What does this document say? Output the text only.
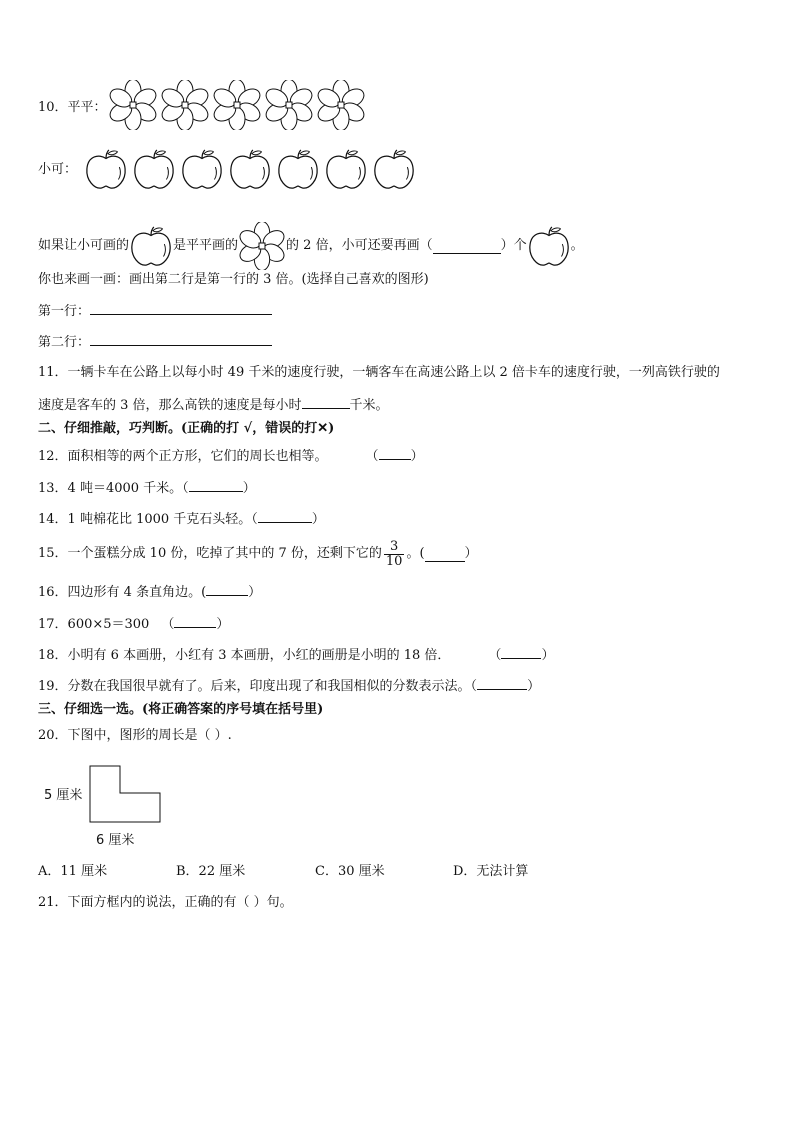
10．平平：
小可：
如果让小可画的	是平平画的	的 2 倍，小可还要再画（	）个	。
你也来画一画：画出第二行是第一行的 3 倍。(选择自己喜欢的图形)
第一行：
第二行：
11．一辆卡车在公路上以每小时 49 千米的速度行驶，一辆客车在高速公路上以 2 倍卡车的速度行驶，一列高铁行驶的
速度是客车的 3 倍，那么高铁的速度是每小时	千米。
二、仔细推敲，巧判断。(正确的打 √，错误的打✕)
12．面积相等的两个正方形，它们的周长也相等。	（ ）
13．4 吨＝4000 千米。（	）
14．1 吨棉花比 1000 千克石头轻。（	）
15．一个蛋糕分成 10 份，吃掉了其中的 7 份，还剩下它的 $\frac{3}{10}$ 。(	）
16．四边形有 4 条直角边。(	）
17．600×5＝300 （	）
18．小明有 6 本画册，小红有 3 本画册，小红的画册是小明的 18 倍．	（	）
19．分数在我国很早就有了。后来，印度出现了和我国相似的分数表示法。（	）
三、仔细选一选。(将正确答案的序号填在括号里)
20．下图中，图形的周长是（ ）.
5 厘米
6 厘米
A．11 厘米	B．22 厘米	C．30 厘米	D．无法计算
21．下面方框内的说法，正确的有（ ）句。
